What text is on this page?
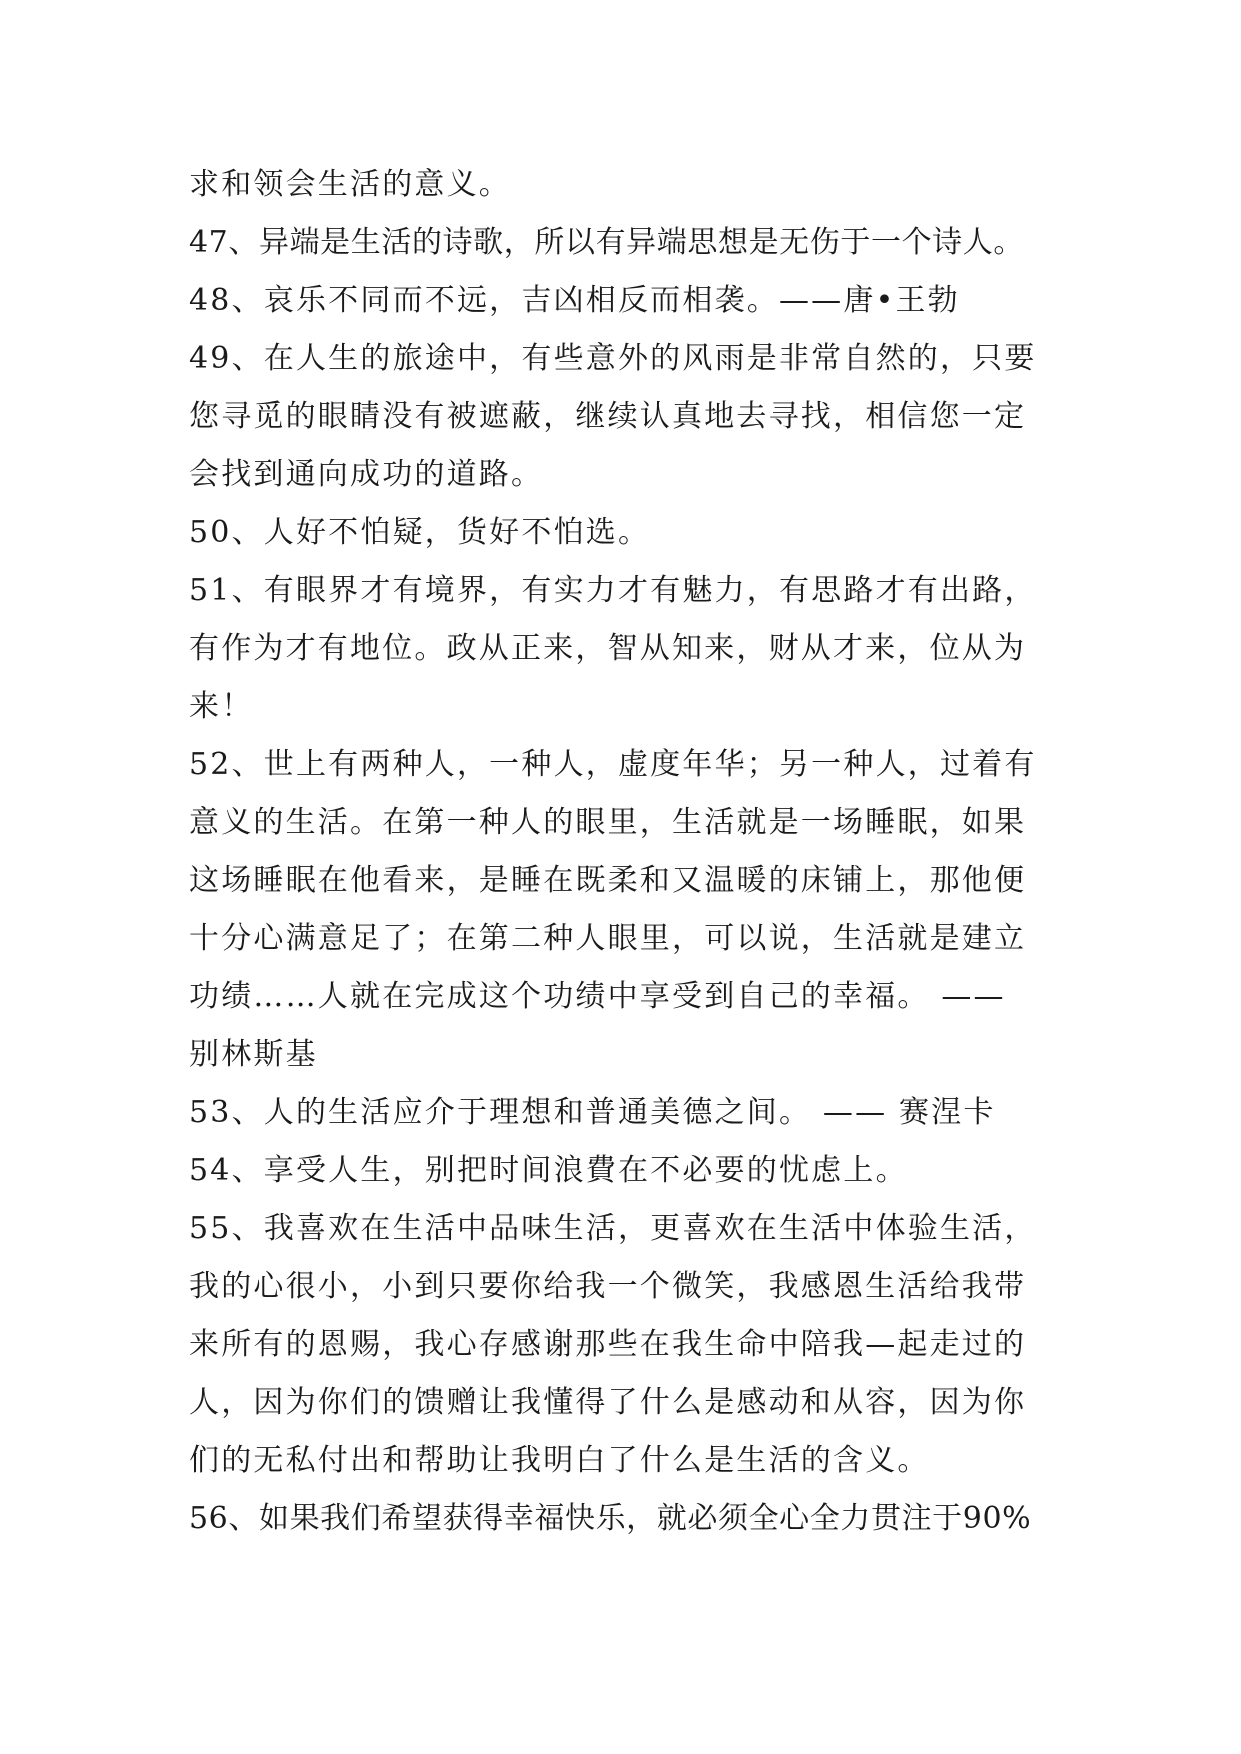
求和领会生活的意义。
47、异端是生活的诗歌，所以有异端思想是无伤于一个诗人。
48、哀乐不同而不远，吉凶相反而相袭。——唐•王勃
49、在人生的旅途中，有些意外的风雨是非常自然的，只要
您寻觅的眼睛没有被遮蔽，继续认真地去寻找，相信您一定
会找到通向成功的道路。
50、人好不怕疑，货好不怕选。
51、有眼界才有境界，有实力才有魅力，有思路才有出路，
有作为才有地位。政从正来，智从知来，财从才来，位从为
来！
52、世上有两种人，一种人，虚度年华；另一种人，过着有
意义的生活。在第一种人的眼里，生活就是一场睡眠，如果
这场睡眠在他看来，是睡在既柔和又温暖的床铺上，那他便
十分心满意足了；在第二种人眼里，可以说，生活就是建立
功绩……人就在完成这个功绩中享受到自己的幸福。 ——
别林斯基
53、人的生活应介于理想和普通美德之间。 —— 赛涅卡
54、享受人生，别把时间浪費在不必要的忧虑上。
55、我喜欢在生活中品味生活，更喜欢在生活中体验生活，
我的心很小，小到只要你给我一个微笑，我感恩生活给我带
来所有的恩赐，我心存感谢那些在我生命中陪我—起走过的
人，因为你们的馈赠让我懂得了什么是感动和从容，因为你
们的无私付出和帮助让我明白了什么是生活的含义。
56、如果我们希望获得幸福快乐，就必须全心全力贯注于90%
